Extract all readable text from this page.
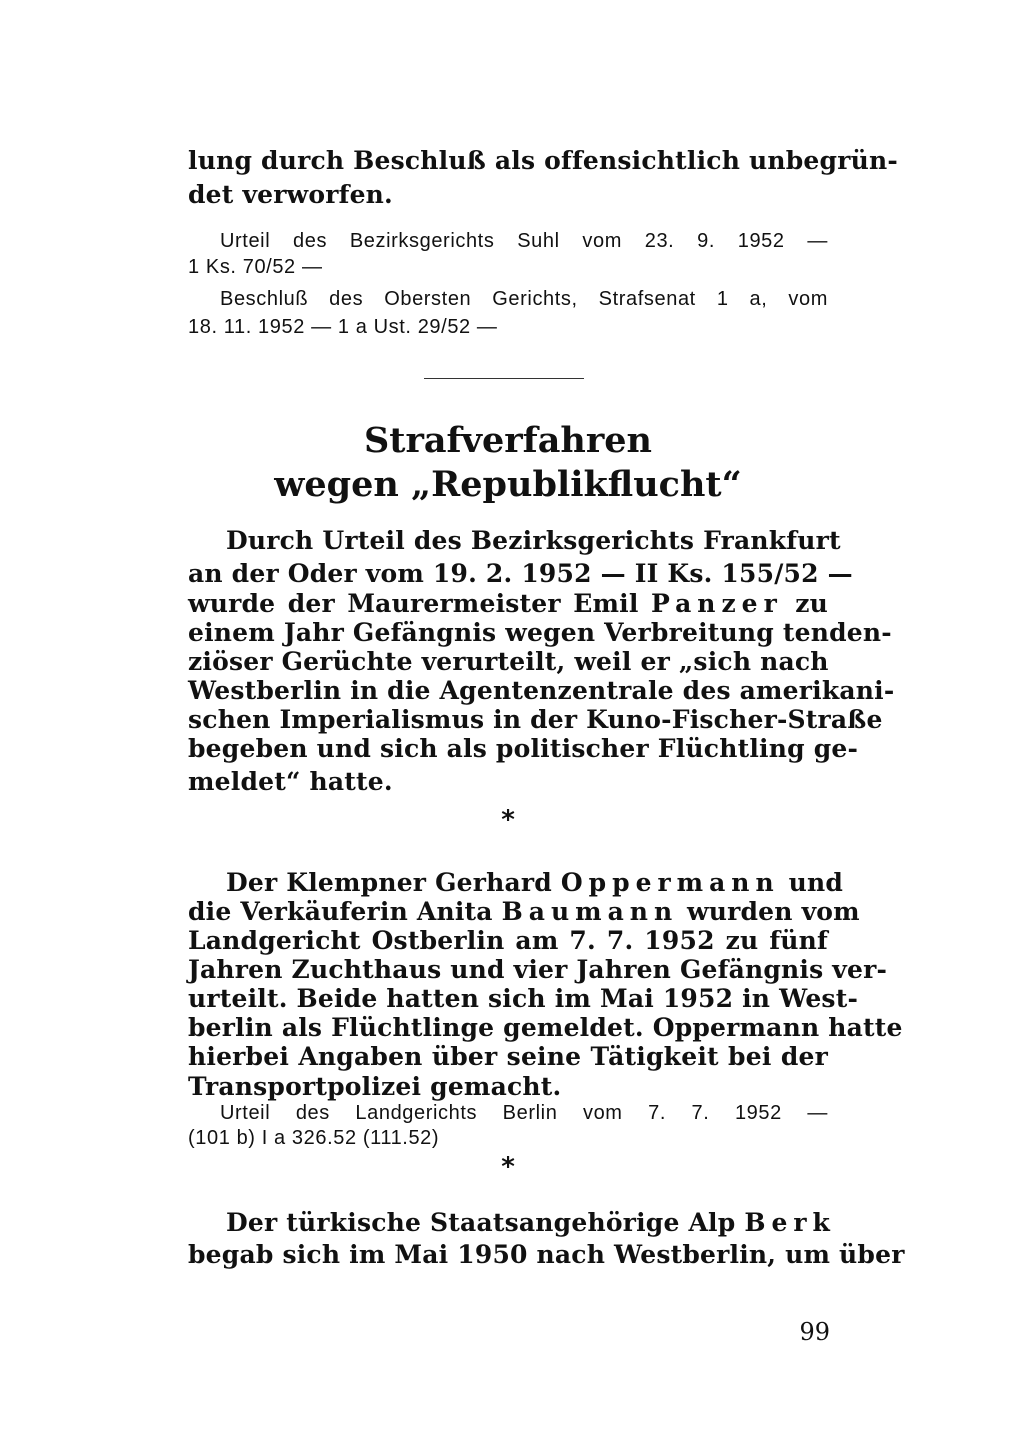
lung durch Beschluß als offensichtlich unbegrün-
det verworfen.
Urteil des Bezirksgerichts Suhl vom 23. 9. 1952 —
1 Ks. 70/52 —
Beschluß des Obersten Gerichts, Strafsenat 1 a, vom
18. 11. 1952 — 1 a Ust. 29/52 —
Strafverfahren
wegen „Republikflucht“
Durch Urteil des Bezirksgerichts Frankfurt
an der Oder vom 19. 2. 1952 — II Ks. 155/52 —
wurde der Maurermeister Emil Panzer zu
einem Jahr Gefängnis wegen Verbreitung tenden-
ziöser Gerüchte verurteilt, weil er „sich nach
Westberlin in die Agentenzentrale des amerikani-
schen Imperialismus in der Kuno-Fischer-Straße
begeben und sich als politischer Flüchtling ge-
meldet“ hatte.
*
Der Klempner Gerhard Oppermann und
die Verkäuferin Anita Baumann wurden vom
Landgericht Ostberlin am 7. 7. 1952 zu fünf
Jahren Zuchthaus und vier Jahren Gefängnis ver-
urteilt. Beide hatten sich im Mai 1952 in West-
berlin als Flüchtlinge gemeldet. Oppermann hatte
hierbei Angaben über seine Tätigkeit bei der
Transportpolizei gemacht.
Urteil des Landgerichts Berlin vom 7. 7. 1952 —
(101 b) I a 326.52 (111.52)
*
Der türkische Staatsangehörige Alp Berk
begab sich im Mai 1950 nach Westberlin, um über
99
